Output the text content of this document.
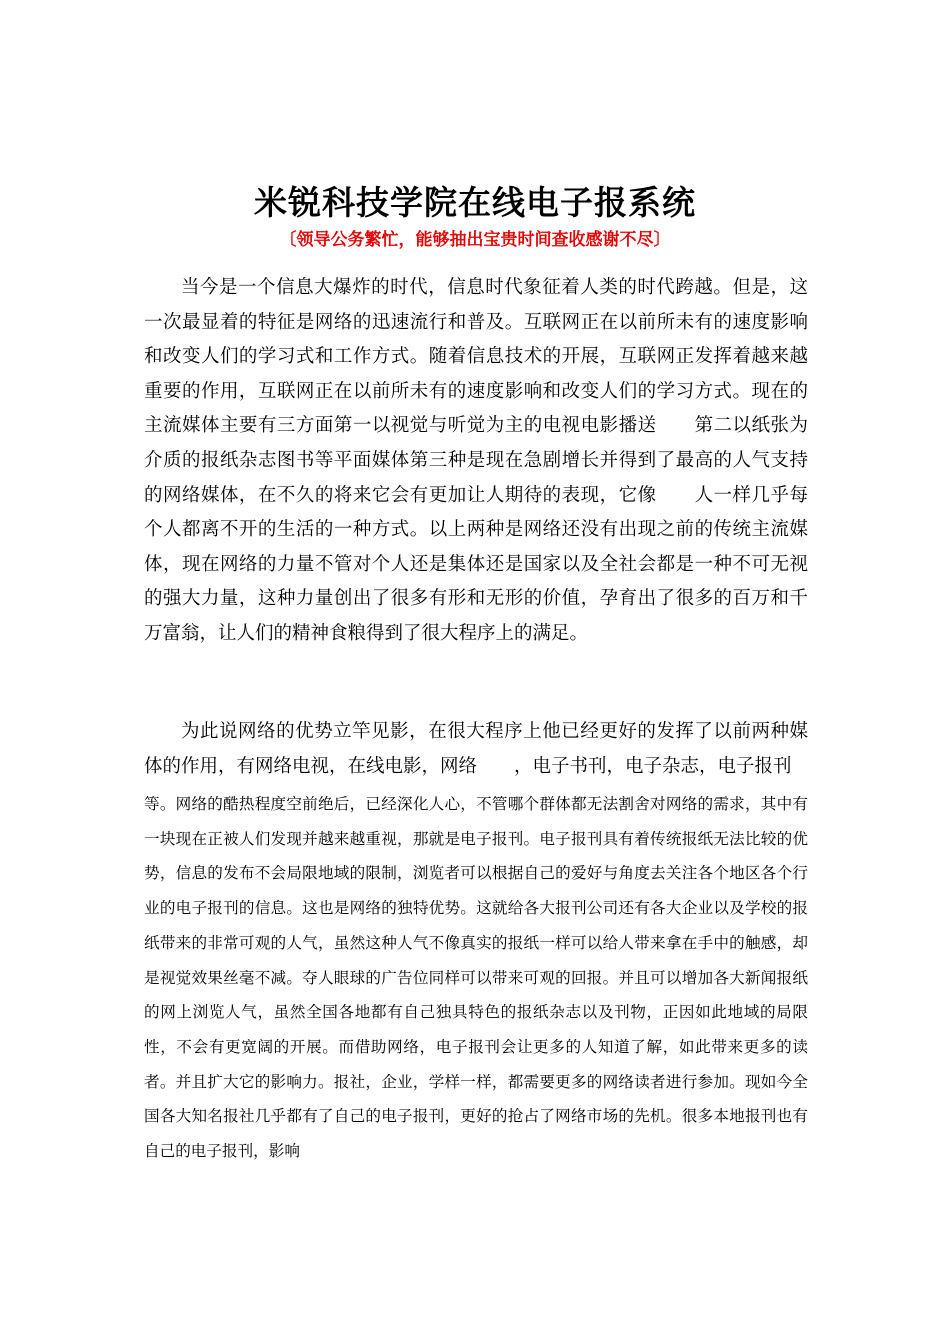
米锐科技学院在线电子报系统
〔领导公务繁忙，能够抽出宝贵时间查收感谢不尽〕

当今是一个信息大爆炸的时代，信息时代象征着人类的时代跨越。但是，这一次最显着的特征是网络的迅速流行和普及。互联网正在以前所未有的速度影响和改变人们的学习式和工作方式。随着信息技术的开展，互联网正发挥着越来越重要的作用，互联网正在以前所未有的速度影响和改变人们的学习方式。现在的主流媒体主要有三方面第一以视觉与听觉为主的电视电影播送　　第二以纸张为介质的报纸杂志图书等平面媒体第三种是现在急剧增长并得到了最高的人气支持的网络媒体，在不久的将来它会有更加让人期待的表现，它像　　人一样几乎每个人都离不开的生活的一种方式。以上两种是网络还没有出现之前的传统主流媒体，现在网络的力量不管对个人还是集体还是国家以及全社会都是一种不可无视的强大力量，这种力量创出了很多有形和无形的价值，孕育出了很多的百万和千万富翁，让人们的精神食粮得到了很大程序上的满足。

为此说网络的优势立竿见影，在很大程序上他已经更好的发挥了以前两种媒体的作用，有网络电视，在线电影，网络　　，电子书刊，电子杂志，电子报刊

等。网络的酷热程度空前绝后，已经深化人心，不管哪个群体都无法割舍对网络的需求，其中有一块现在正被人们发现并越来越重视，那就是电子报刊。电子报刊具有着传统报纸无法比较的优势，信息的发布不会局限地域的限制，浏览者可以根据自己的爱好与角度去关注各个地区各个行业的电子报刊的信息。这也是网络的独特优势。这就给各大报刊公司还有各大企业以及学校的报纸带来的非常可观的人气，虽然这种人气不像真实的报纸一样可以给人带来拿在手中的触感，却是视觉效果丝毫不减。夺人眼球的广告位同样可以带来可观的回报。并且可以增加各大新闻报纸的网上浏览人气，虽然全国各地都有自己独具特色的报纸杂志以及刊物，正因如此地域的局限性，不会有更宽阔的开展。而借助网络，电子报刊会让更多的人知道了解，如此带来更多的读者。并且扩大它的影响力。报社，企业，学样一样，都需要更多的网络读者进行参加。现如今全国各大知名报社几乎都有了自己的电子报刊，更好的抢占了网络市场的先机。很多本地报刊也有自己的电子报刊，影响
